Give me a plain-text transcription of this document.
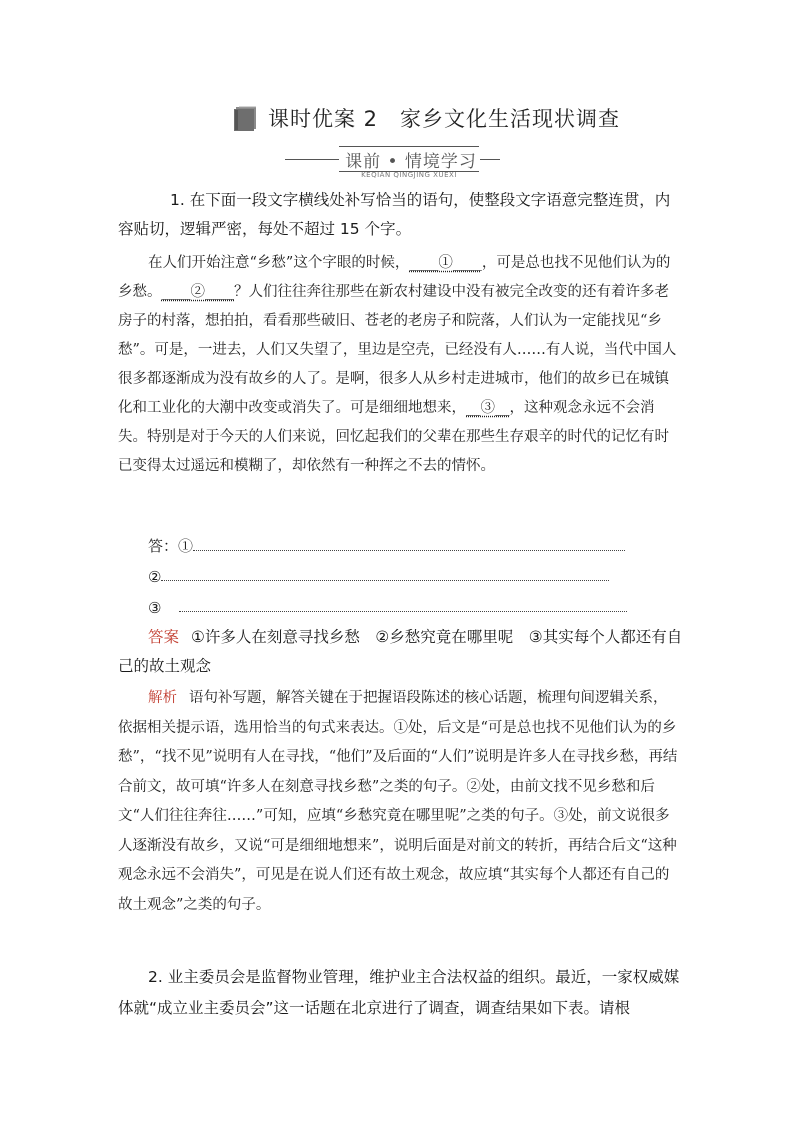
课时优案 2　家乡文化生活现状调查
课前 • 情境学习
KEQIAN QINGJING XUEXI

1. 在下面一段文字横线处补写恰当的语句，使整段文字语意完整连贯，内容贴切，逻辑严密，每处不超过 15 个字。

在人们开始注意“乡愁”这个字眼的时候，____①____，可是总也找不见他们认为的乡愁。____②____？人们往往奔往那些在新农村建设中没有被完全改变的还有着许多老房子的村落，想拍拍，看看那些破旧、苍老的老房子和院落，人们认为一定能找见“乡愁”。可是，一进去，人们又失望了，里边是空壳，已经没有人……有人说，当代中国人很多都逐渐成为没有故乡的人了。是啊，很多人从乡村走进城市，他们的故乡已在城镇化和工业化的大潮中改变或消失了。可是细细地想来，__③__，这种观念永远不会消失。特别是对于今天的人们来说，回忆起我们的父辈在那些生存艰辛的时代的记忆有时已变得太过遥远和模糊了，却依然有一种挥之不去的情怀。

答：①
②
③

答案 ①许多人在刻意寻找乡愁　②乡愁究竟在哪里呢　③其实每个人都还有自己的故土观念

解析 语句补写题，解答关键在于把握语段陈述的核心话题，梳理句间逻辑关系，依据相关提示语，选用恰当的句式来表达。①处，后文是“可是总也找不见他们认为的乡愁”，“找不见”说明有人在寻找，“他们”及后面的“人们”说明是许多人在寻找乡愁，再结合前文，故可填“许多人在刻意寻找乡愁”之类的句子。②处，由前文找不见乡愁和后文“人们往往奔往……”可知，应填“乡愁究竟在哪里呢”之类的句子。③处，前文说很多人逐渐没有故乡，又说“可是细细地想来”，说明后面是对前文的转折，再结合后文“这种观念永远不会消失”，可见是在说人们还有故土观念，故应填“其实每个人都还有自己的故土观念”之类的句子。

2. 业主委员会是监督物业管理，维护业主合法权益的组织。最近，一家权威媒体就“成立业主委员会”这一话题在北京进行了调查，调查结果如下表。请根
